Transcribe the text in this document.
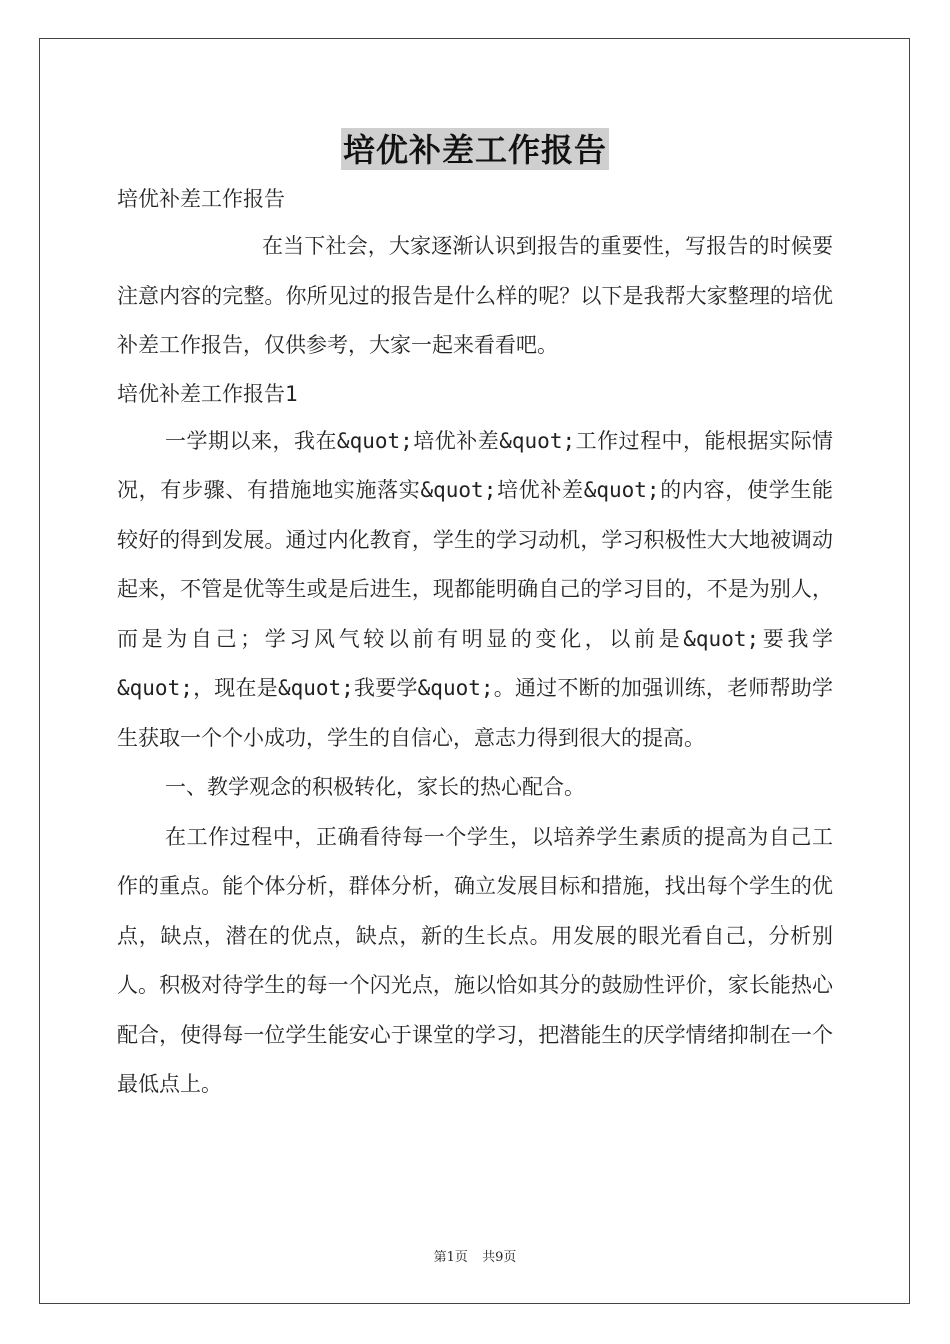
培优补差工作报告

培优补差工作报告

在当下社会，大家逐渐认识到报告的重要性，写报告的时候要注意内容的完整。你所见过的报告是什么样的呢？以下是我帮大家整理的培优补差工作报告，仅供参考，大家一起来看看吧。

培优补差工作报告1

一学期以来，我在&quot;培优补差&quot;工作过程中，能根据实际情况，有步骤、有措施地实施落实&quot;培优补差&quot;的内容，使学生能较好的得到发展。通过内化教育，学生的学习动机，学习积极性大大地被调动起来，不管是优等生或是后进生，现都能明确自己的学习目的，不是为别人，而是为自己；学习风气较以前有明显的变化，以前是&quot;要我学&quot;，现在是&quot;我要学&quot;。通过不断的加强训练，老师帮助学生获取一个个小成功，学生的自信心，意志力得到很大的提高。

一、教学观念的积极转化，家长的热心配合。

在工作过程中，正确看待每一个学生，以培养学生素质的提高为自己工作的重点。能个体分析，群体分析，确立发展目标和措施，找出每个学生的优点，缺点，潜在的优点，缺点，新的生长点。用发展的眼光看自己，分析别人。积极对待学生的每一个闪光点，施以恰如其分的鼓励性评价，家长能热心配合，使得每一位学生能安心于课堂的学习，把潜能生的厌学情绪抑制在一个最低点上。

第1页 共9页
